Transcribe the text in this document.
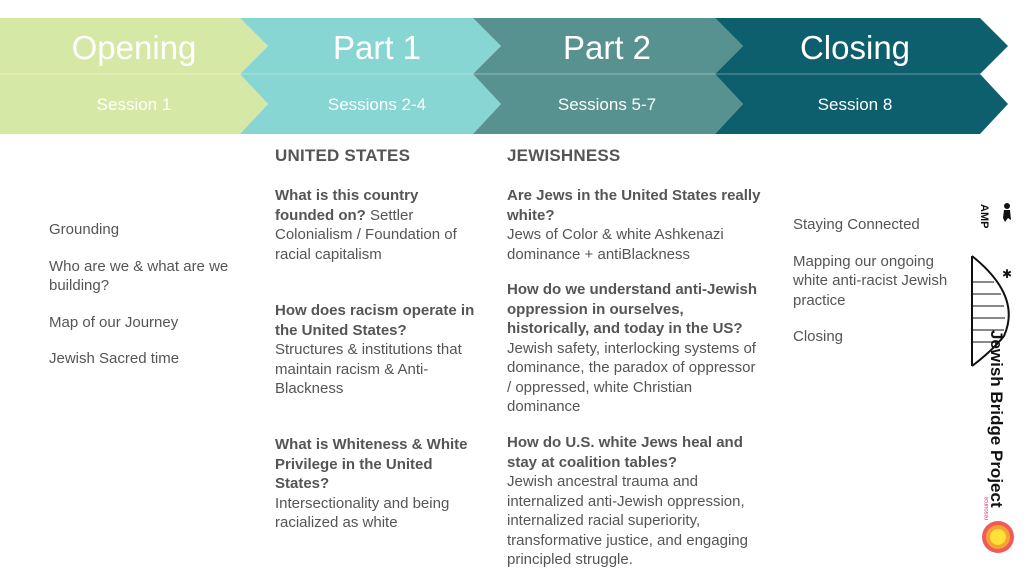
Opening
Session 1
Part 1
Sessions 2-4
Part 2
Sessions 5-7
Closing
Session 8
Grounding
Who are we & what are we building?
Map of our Journey
Jewish Sacred time
UNITED STATES
What is this country founded on? Settler Colonialism / Foundation of racial capitalism
How does racism operate in the United States?
Structures & institutions that maintain racism & Anti-Blackness
What is Whiteness & White Privilege in the United States?
Intersectionality and being racialized as white
JEWISHNESS
Are Jews in the United States really white?
Jews of Color & white Ashkenazi dominance + antiBlackness
How do we understand anti-Jewish oppression in ourselves, historically, and today in the US? Jewish safety, interlocking systems of dominance, the paradox of oppressor / oppressed, white Christian dominance
How do U.S. white Jews heal and stay at coalition tables?
Jewish ancestral trauma and internalized anti-Jewish oppression, internalized racial superiority, transformative justice, and engaging principled struggle.
Staying Connected
Mapping our ongoing white anti-racist Jewish practice
Closing
AMP
✱
Jewish Bridge Project
resource
